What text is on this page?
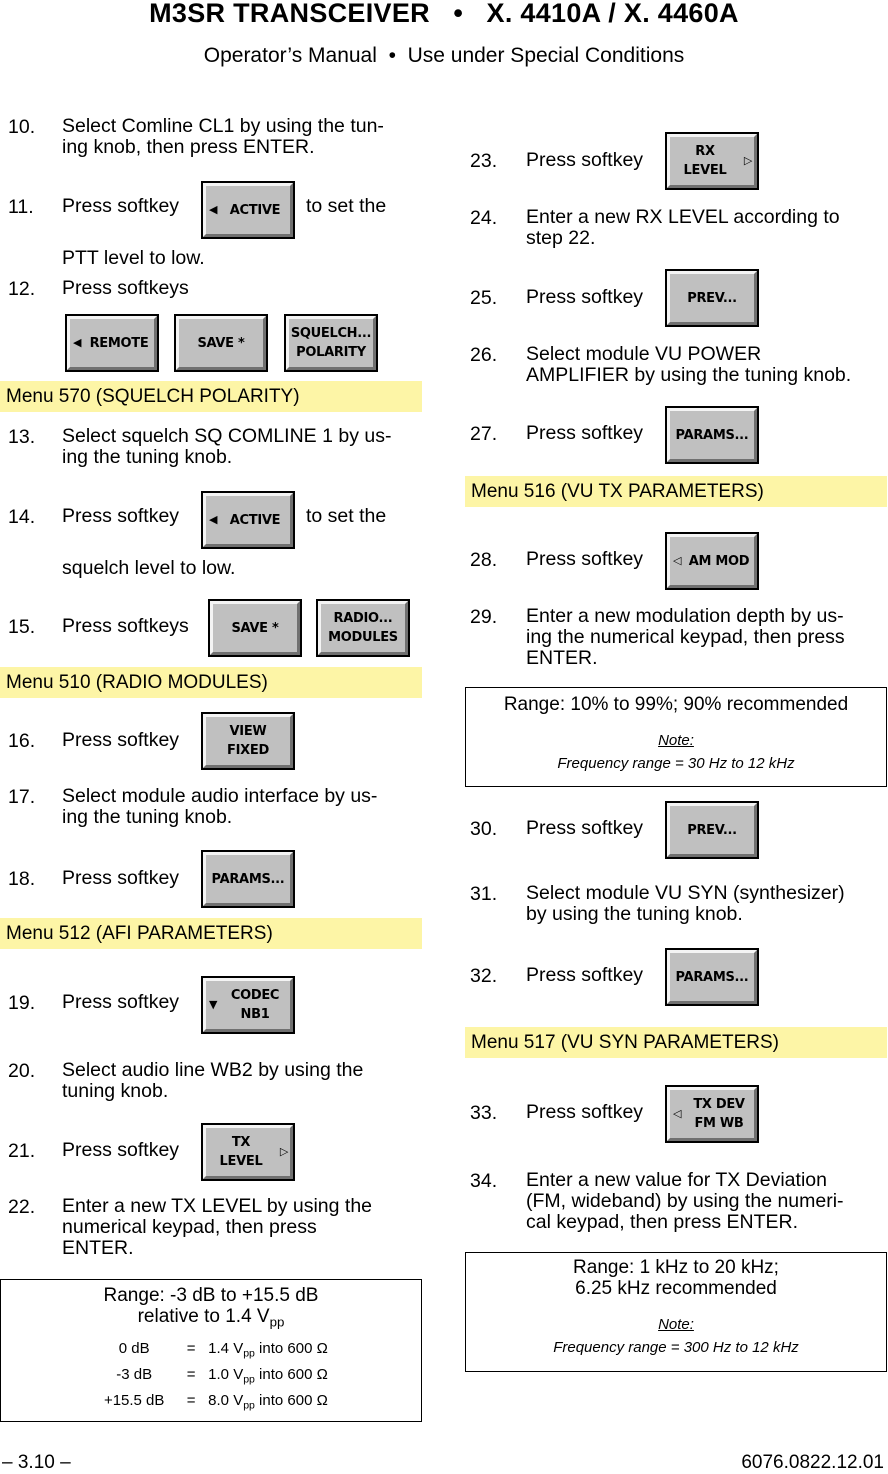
M3SR TRANSCEIVER   •   X. 4410A / X. 4460A
Operator’s Manual  •  Use under Special Conditions
10. Select Comline CL1 by using the tun-
ing knob, then press ENTER.
11. Press softkey	◀ ACTIVE to set the
PTT level to low.
12. Press softkeys
◀ REMOTE	SAVE *
SQUELCH...
POLARITY
Menu 570 (SQUELCH POLARITY)
13. Select squelch SQ COMLINE 1 by us-
ing the tuning knob.
14. Press softkey	◀ ACTIVE to set the
squelch level to low.
15. Press softkeys	SAVE *
RADIO...
MODULES
Menu 510 (RADIO MODULES)
16. Press softkey	VIEW
FIXED
17. Select module audio interface by us-
ing the tuning knob.
18. Press softkey	PARAMS...
Menu 512 (AFI PARAMETERS)
19. Press softkey	▼
CODEC
NB1
20. Select audio line WB2 by using the
tuning knob.
21. Press softkey	TX
LEVEL
▷
22. Enter a new TX LEVEL by using the
numerical keypad, then press
ENTER.
Range: -3 dB to +15.5 dB
relative to 1.4 $V_{pp}$
0 dB	=	1.4 $V_{pp}$ into 600 Ω
-3 dB	=	1.0 $V_{pp}$ into 600 Ω
+15.5 dB	=	8.0 $V_{pp}$ into 600 Ω
23. Press softkey	RX
LEVEL
▷
24. Enter a new RX LEVEL according to
step 22.
25. Press softkey	PREV...
26. Select module VU POWER
AMPLIFIER by using the tuning knob.
27. Press softkey	PARAMS...
Menu 516 (VU TX PARAMETERS)
28. Press softkey	◁ AM MOD
29. Enter a new modulation depth by us-
ing the numerical keypad, then press
ENTER.
Range: 10% to 99%; 90% recommended
Note:
Frequency range = 30 Hz to 12 kHz
30. Press softkey	PREV...
31. Select module VU SYN (synthesizer)
by using the tuning knob.
32. Press softkey	PARAMS...
Menu 517 (VU SYN PARAMETERS)
33. Press softkey	◁
TX DEV
FM WB
34. Enter a new value for TX Deviation
(FM, wideband) by using the numeri-
cal keypad, then press ENTER.
Range: 1 kHz to 20 kHz;
6.25 kHz recommended
Note:
Frequency range = 300 Hz to 12 kHz
– 3.10 –	6076.0822.12.01
